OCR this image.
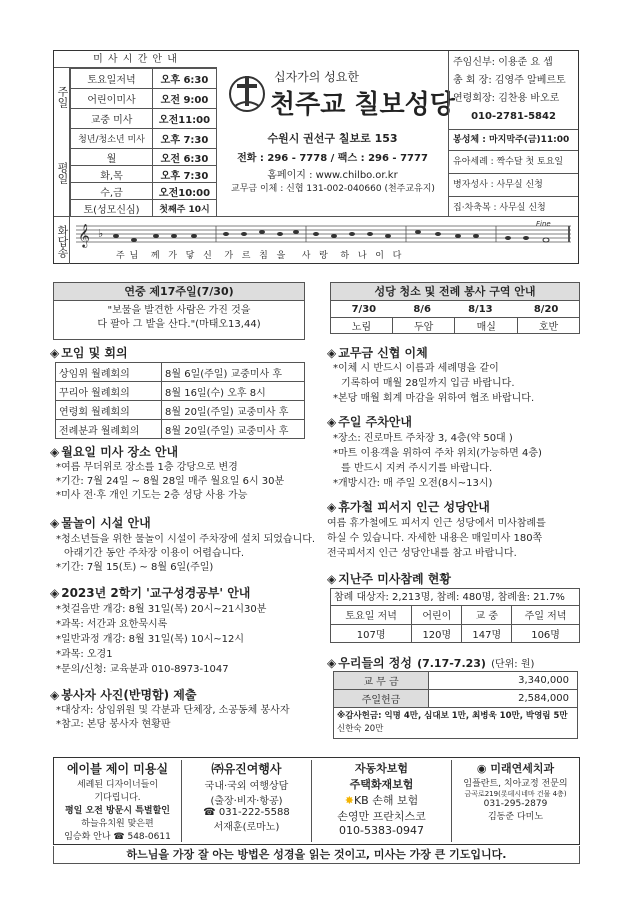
미 사 시 간 안 내
주일
평일
토요일저녁	오후 6:30
어린이미사	오전 9:00
교중 미사	오전11:00
청년/청소년 미사	오후 7:30
월	오전 6:30
화,목	오후 7:30
수,금	오전10:00
토(성모신심)	첫째주 10시
십자가의 성요한
천주교 칠보성당
수원시 권선구 칠보로 153
전화 : 296 - 7778 / 팩스 : 296 - 7777
홈페이지 : www.chilbo.or.kr
교무금 이체 : 신협 131-002-040660 (천주교유지)
주임신부: 이용준 요 셉
총 회 장: 김영주 알베르토
연령회장: 김찬용 바오로
010-2781-5842
봉성체 : 마지막주(금)11:00
유아세례 : 짝수달 첫 토요일
병자성사 : 사무실 신청
집·차축복 : 사무실 신청
화답송 𝄞 ♭
Fine
주 님   께  가  닿  신   가  르  침  을    사  랑   하  나  이  다
연중 제17주일(7/30)
"보물을 발견한 사람은 가진 것을
다 팔아 그 밭을 산다."(마태오13,44)
성당 청소 및 전례 봉사 구역 안내
7/30	8/6	8/13	8/20
노림	두암	매실	호반
◈ 모임 및 회의
상임위 월례회의	8월 6일(주일) 교중미사 후
꾸리아 월례회의	8월 16일(수) 오후 8시
연령회 월례회의	8월 20일(주일) 교중미사 후
전례분과 월례회의	8월 20일(주일) 교중미사 후
◈ 월요일 미사 장소 안내
*여름 무더위로 장소를 1층 강당으로 변경
*기간: 7월 24일 ~ 8월 28일 매주 월요일 6시 30분
*미사 전·후 개인 기도는 2층 성당 사용 가능
◈ 물놀이 시설 안내
*청소년들을 위한 물놀이 시설이 주차장에 설치 되었습니다.
아래기간 동안 주차장 이용이 어렵습니다.
*기간: 7월 15(토) ~ 8월 6일(주일)
◈ 2023년 2학기 '교구성경공부' 안내
*첫걸음반 개강: 8월 31일(목) 20시~21시30분
*과목: 서간과 요한묵시록
*일반과정 개강: 8월 31일(목) 10시~12시
*과목: 오경1
*문의/신청: 교육분과 010-8973-1047
◈ 봉사자 사진(반명함) 제출
*대상자: 상임위원 및 각분과 단체장, 소공동체 봉사자
*참고: 본당 봉사자 현황판
◈ 교무금 신협 이체
*이체 시 반드시 이름과 세례명을 같이
기록하여 매월 28일까지 입금 바랍니다.
*본당 매월 회계 마감을 위하여 협조 바랍니다.
◈ 주일 주차안내
*장소: 진로마트 주차장 3, 4층(약 50대 )
*마트 이용객을 위하여 주차 위치(가능하면 4층)
를 반드시 지켜 주시기를 바랍니다.
*개방시간: 매 주일 오전(8시~13시)
◈ 휴가철 피서지 인근 성당안내
여름 휴가철에도 피서지 인근 성당에서 미사참례를
하실 수 있습니다. 자세한 내용은 매일미사 180쪽
전국피서지 인근 성당안내를 참고 바랍니다.
◈ 지난주 미사참례 현황
참례 대상자: 2,213명, 참례: 480명, 참례율: 21.7%
토요일 저녁	어린이	교 중	주일 저녁
107명	120명	147명	106명
◈ 우리들의 정성 (7.17-7.23) (단위: 원)
교 무 금	3,340,000
주일헌금	2,584,000
※감사헌금: 익명 4만, 심대보 1만, 최병욱 10만, 박영림 5만
신한숙 20만
에이블 제이 미용실
세례된 디자이너들이
기다립니다.
평일 오전 방문시 특별할인
하늘유치원 맞은편
임승화 안나 ☎ 548-0611
㈜유진여행사
국내·국외 여행상담
(출장·비자·항공)
☎ 031-222-5588
서재훈(로마노)
자동차보험
주택화재보험
✸KB 손해 보험
손영만 프란치스코
010-5383-0947
◉ 미래연세치과
임플란트, 치아교정 전문의
금곡로219(롯데시네마 건물 4층)
031-295-2879
김동준 다미노
하느님을 가장 잘 아는 방법은 성경을 읽는 것이고, 미사는 가장 큰 기도입니다.
